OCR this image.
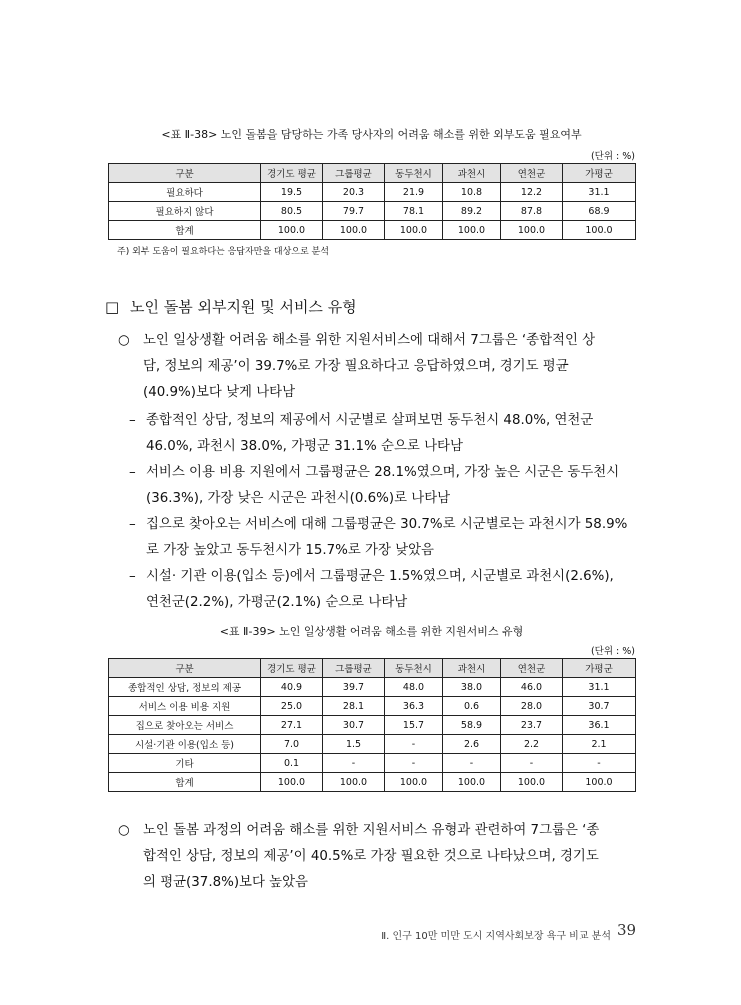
<표 Ⅱ-38> 노인 돌봄을 담당하는 가족 당사자의 어려움 해소를 위한 외부도움 필요여부
(단위 : %)
구분	경기도 평균	그룹평균	동두천시	과천시	연천군	가평군
필요하다	19.5	20.3	21.9	10.8	12.2	31.1
필요하지 않다	80.5	79.7	78.1	89.2	87.8	68.9
합계	100.0	100.0	100.0	100.0	100.0	100.0
주) 외부 도움이 필요하다는 응답자만을 대상으로 분석
□ 노인 돌봄 외부지원 및 서비스 유형
○ 노인 일상생활 어려움 해소를 위한 지원서비스에 대해서 7그룹은 ‘종합적인 상
담, 정보의 제공’이 39.7%로 가장 필요하다고 응답하였으며, 경기도 평균
(40.9%)보다 낮게 나타남
– 종합적인 상담, 정보의 제공에서 시군별로 살펴보면 동두천시 48.0%, 연천군
46.0%, 과천시 38.0%, 가평군 31.1% 순으로 나타남
– 서비스 이용 비용 지원에서 그룹평균은 28.1%였으며, 가장 높은 시군은 동두천시
(36.3%), 가장 낮은 시군은 과천시(0.6%)로 나타남
– 집으로 찾아오는 서비스에 대해 그룹평균은 30.7%로 시군별로는 과천시가 58.9%
로 가장 높았고 동두천시가 15.7%로 가장 낮았음
– 시설· 기관 이용(입소 등)에서 그룹평균은 1.5%였으며, 시군별로 과천시(2.6%),
연천군(2.2%), 가평군(2.1%) 순으로 나타남
<표 Ⅱ-39> 노인 일상생활 어려움 해소를 위한 지원서비스 유형
(단위 : %)
구분	경기도 평균	그룹평균	동두천시	과천시	연천군	가평군
종합적인 상담, 정보의 제공	40.9	39.7	48.0	38.0	46.0	31.1
서비스 이용 비용 지원	25.0	28.1	36.3	0.6	28.0	30.7
집으로 찾아오는 서비스	27.1	30.7	15.7	58.9	23.7	36.1
시설·기관 이용(입소 등)	7.0	1.5	-	2.6	2.2	2.1
기타	0.1	-	-	-	-	-
합계	100.0	100.0	100.0	100.0	100.0	100.0
○ 노인 돌봄 과정의 어려움 해소를 위한 지원서비스 유형과 관련하여 7그룹은 ‘종
합적인 상담, 정보의 제공’이 40.5%로 가장 필요한 것으로 나타났으며, 경기도
의 평균(37.8%)보다 높았음
Ⅱ. 인구 10만 미만 도시 지역사회보장 욕구 비교 분석 39
